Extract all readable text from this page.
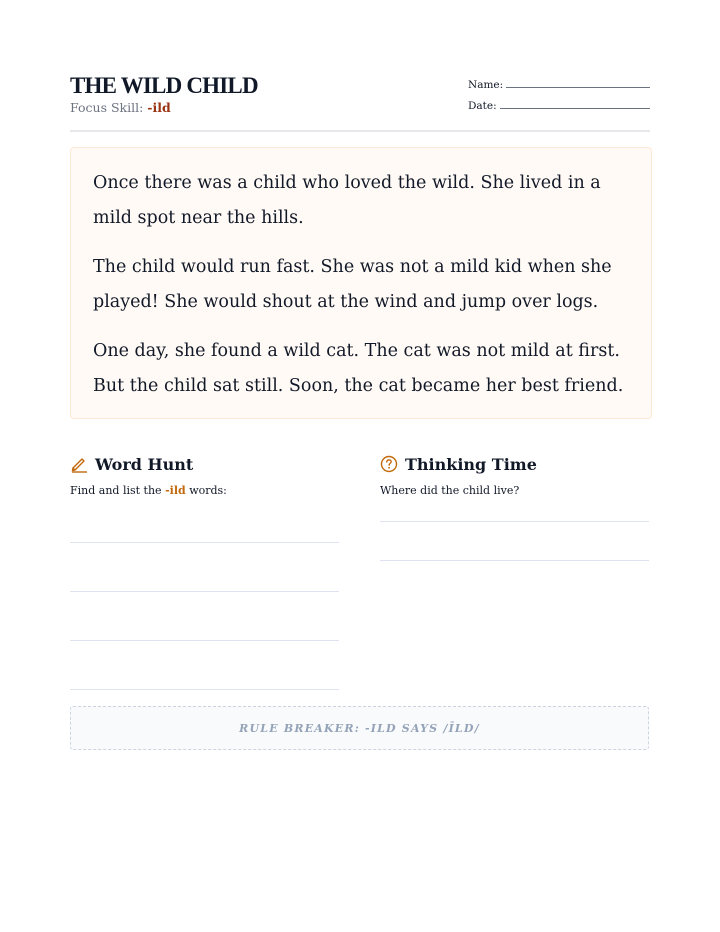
THE WILD CHILD
Focus Skill: -ild
Name:
Date:

Once there was a child who loved the wild. She lived in a mild spot near the hills.

The child would run fast. She was not a mild kid when she played! She would shout at the wind and jump over logs.

One day, she found a wild cat. The cat was not mild at first. But the child sat still. Soon, the cat became her best friend.

Word Hunt
Find and list the -ild words:
Thinking Time
Where did the child live?
RULE BREAKER: -ILD SAYS /ĪLD/
